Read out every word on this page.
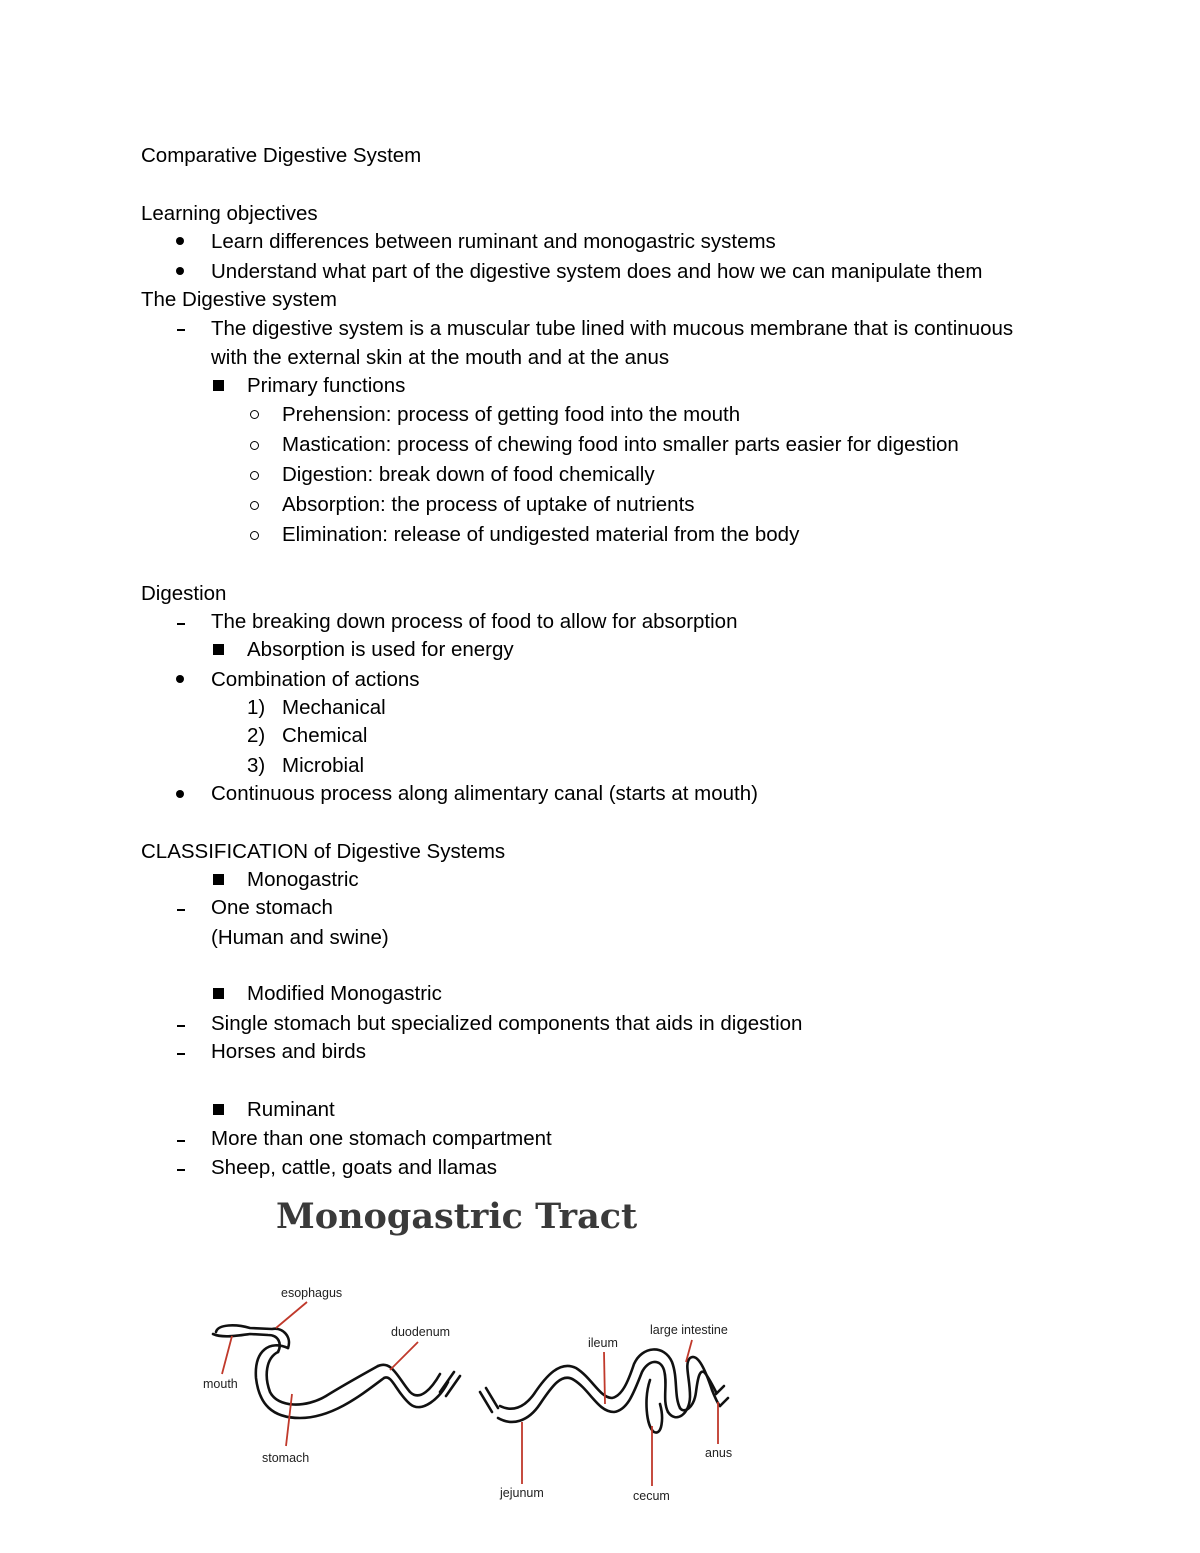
Comparative Digestive System
Learning objectives
Learn differences between ruminant and monogastric systems
Understand what part of the digestive system does and how we can manipulate them
The Digestive system
The digestive system is a muscular tube lined with mucous membrane that is continuous
with the external skin at the mouth and at the anus
Primary functions
Prehension: process of getting food into the mouth
Mastication: process of chewing food into smaller parts easier for digestion
Digestion: break down of food chemically
Absorption: the process of uptake of nutrients
Elimination: release of undigested material from the body
Digestion
The breaking down process of food to allow for absorption
Absorption is used for energy
Combination of actions
1) Mechanical
2) Chemical
3) Microbial
Continuous process along alimentary canal (starts at mouth)
CLASSIFICATION of Digestive Systems
Monogastric
One stomach
(Human and swine)
Modified Monogastric
Single stomach but specialized components that aids in digestion
Horses and birds
Ruminant
More than one stomach compartment
Sheep, cattle, goats and llamas
Monogastric Tract
esophagus
duodenum
mouth
stomach
ileum
large intestine
jejunum	cecum
anus
